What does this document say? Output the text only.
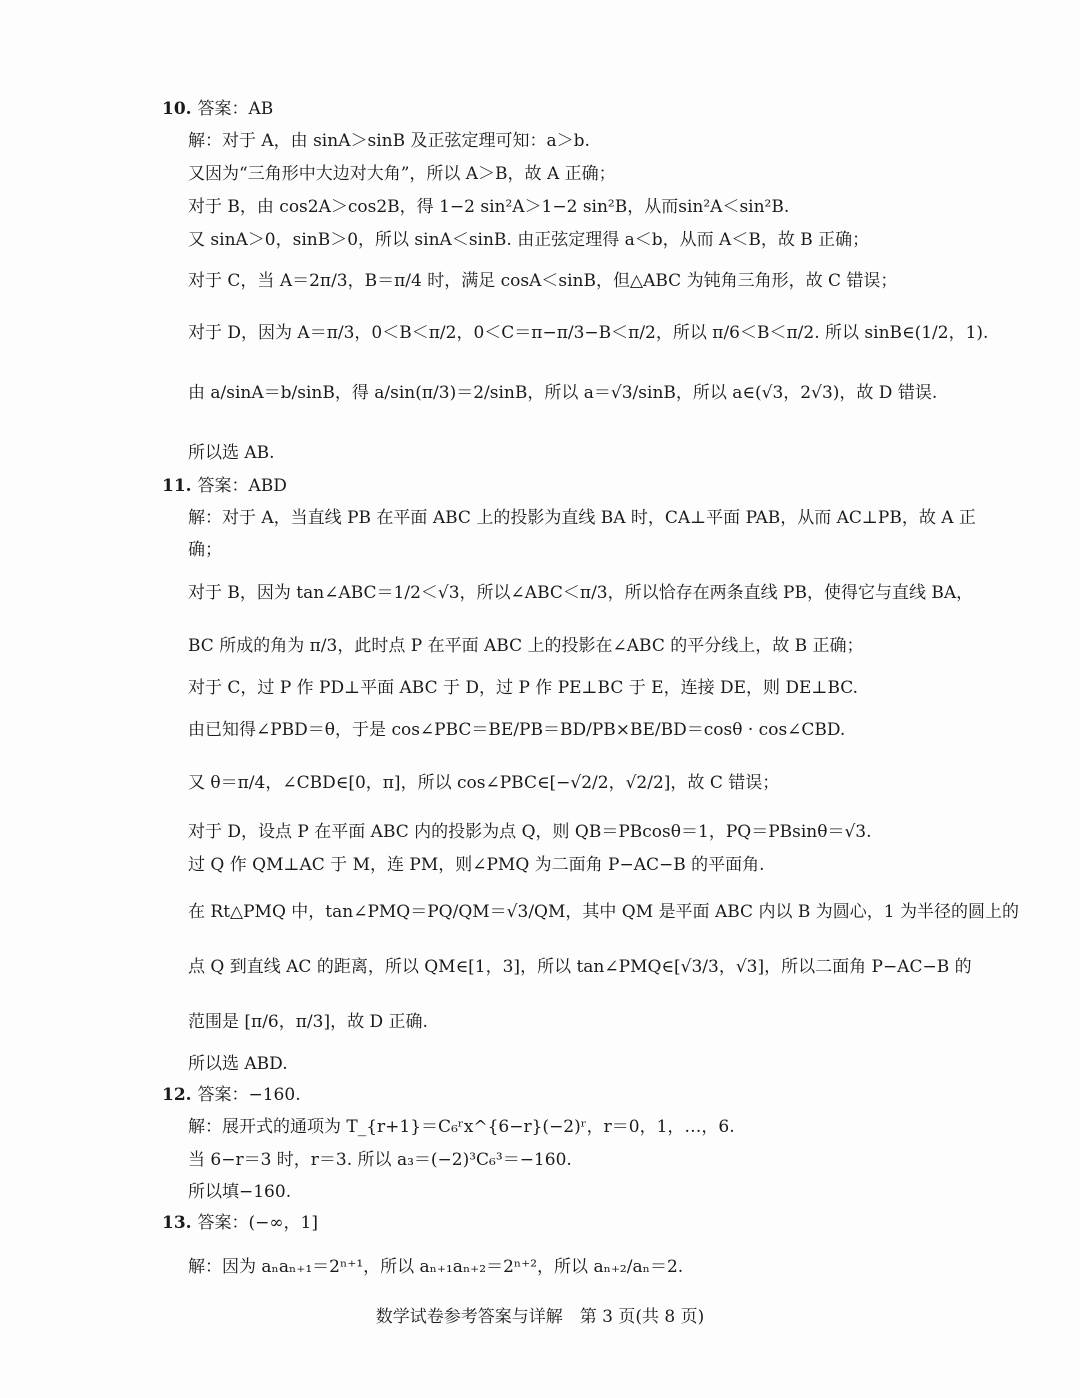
10. 答案：AB
解：对于 A，由 sinA＞sinB 及正弦定理可知：a＞b.
又因为“三角形中大边对大角”，所以 A＞B，故 A 正确；
对于 B，由 cos2A＞cos2B，得 1−2 sin²A＞1−2 sin²B，从而sin²A＜sin²B.
又 sinA＞0，sinB＞0，所以 sinA＜sinB. 由正弦定理得 a＜b，从而 A＜B，故 B 正确；
对于 C，当 A＝2π/3，B＝π/4 时，满足 cosA＜sinB，但△ABC 为钝角三角形，故 C 错误；
对于 D，因为 A＝π/3，0＜B＜π/2，0＜C＝π−π/3−B＜π/2，所以 π/6＜B＜π/2. 所以 sinB∈(1/2，1).
由 a/sinA＝b/sinB，得 a/sin(π/3)＝2/sinB，所以 a＝√3/sinB，所以 a∈(√3，2√3)，故 D 错误.
所以选 AB.
11. 答案：ABD
解：对于 A，当直线 PB 在平面 ABC 上的投影为直线 BA 时，CA⊥平面 PAB，从而 AC⊥PB，故 A 正
确；
对于 B，因为 tan∠ABC＝1/2＜√3，所以∠ABC＜π/3，所以恰存在两条直线 PB，使得它与直线 BA，
BC 所成的角为 π/3，此时点 P 在平面 ABC 上的投影在∠ABC 的平分线上，故 B 正确；
对于 C，过 P 作 PD⊥平面 ABC 于 D，过 P 作 PE⊥BC 于 E，连接 DE，则 DE⊥BC.
由已知得∠PBD＝θ，于是 cos∠PBC＝BE/PB＝BD/PB×BE/BD＝cosθ · cos∠CBD.
又 θ＝π/4，∠CBD∈[0，π]，所以 cos∠PBC∈[−√2/2，√2/2]，故 C 错误；
对于 D，设点 P 在平面 ABC 内的投影为点 Q，则 QB＝PBcosθ＝1，PQ＝PBsinθ＝√3.
过 Q 作 QM⊥AC 于 M，连 PM，则∠PMQ 为二面角 P−AC−B 的平面角.
在 Rt△PMQ 中，tan∠PMQ＝PQ/QM＝√3/QM，其中 QM 是平面 ABC 内以 B 为圆心，1 为半径的圆上的
点 Q 到直线 AC 的距离，所以 QM∈[1，3]，所以 tan∠PMQ∈[√3/3，√3]，所以二面角 P−AC−B 的
范围是 [π/6，π/3]，故 D 正确.
所以选 ABD.
12. 答案：−160.
解：展开式的通项为 T_{r+1}＝C₆ʳx^{6−r}(−2)ʳ，r＝0，1，…，6.
当 6−r＝3 时，r＝3. 所以 a₃＝(−2)³C₆³＝−160.
所以填−160.
13. 答案：(−∞，1]
解：因为 aₙaₙ₊₁＝2ⁿ⁺¹，所以 aₙ₊₁aₙ₊₂＝2ⁿ⁺²，所以 aₙ₊₂/aₙ＝2.
数学试卷参考答案与详解　第 3 页(共 8 页)
